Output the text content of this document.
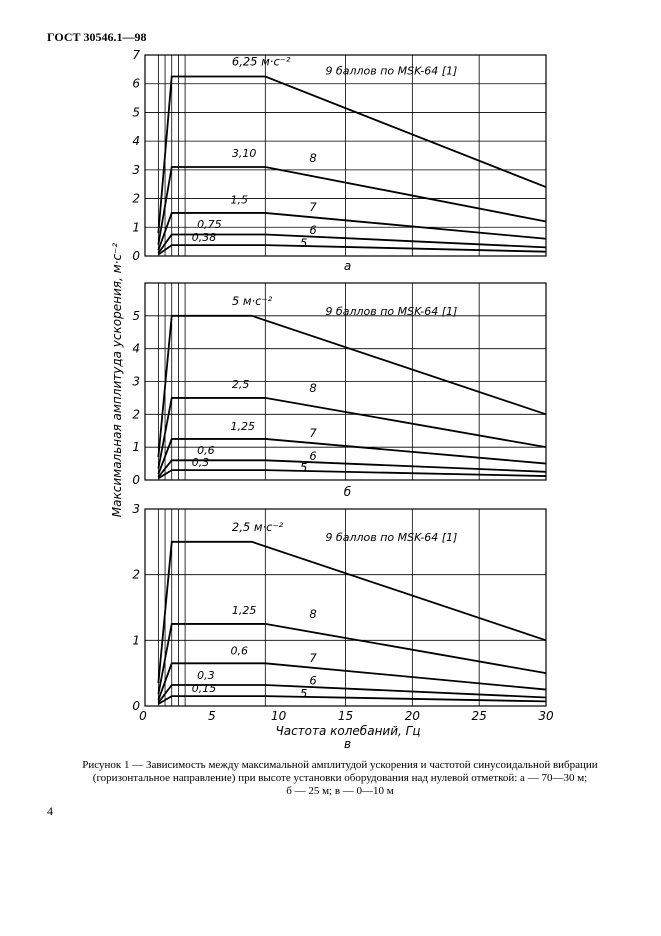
ГОСТ 30546.1—98
0
1
2
3
4
5
6
7	6,25 м·с⁻²
9 баллов по MSK-64 [1]
3,10	8
1,5
7
0,75	6
0,38	5
а
0
1
2
3
4
5
5 м·с⁻²
9 баллов по MSK-64 [1]
2,5	8
1,25	7
0,6	6
0,3	5
б
0
1
2
3
0	5	10	15	20	25	30
2,5 м·с⁻²
9 баллов по MSK-64 [1]
1,25	8
0,6
7
0,3	6
0,15	5
в
Максимальная амплитуда ускорения, м·с⁻²
Частота колебаний, Гц
Рисунок 1 — Зависимость между максимальной амплитудой ускорения и частотой синусоидальной вибрации
(горизонтальное направление) при высоте установки оборудования над нулевой отметкой: а — 70—30 м;
б — 25 м; в — 0—10 м
4
